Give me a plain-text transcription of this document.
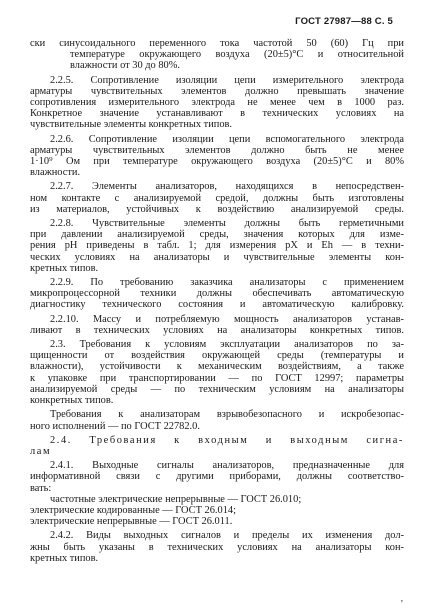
ГОСТ 27987—88 С. 5
ски синусоидального переменного тока частотой 50 (60) Гц при
температуре окружающего воздуха (20±5)°С и относительной
влажности от 30 до 80%.
2.2.5. Сопротивление изоляции цепи измерительного электрода
арматуры чувствительных элементов должно превышать значение
сопротивления измерительного электрода не менее чем в 1000 раз.
Конкретное значение устанавливают в технических условиях на
чувствительные элементы конкретных типов.
2.2.6. Сопротивление изоляции цепи вспомогательного электрода
арматуры чувствительных элементов должно быть не менее
1·10⁹ Ом при температуре окружающего воздуха (20±5)°С и 80%
влажности.
2.2.7. Элементы анализаторов, находящихся в непосредствен-
ном контакте с анализируемой средой, должны быть изготовлены
из материалов, устойчивых к воздействию анализируемой среды.
2.2.8. Чувствительные элементы должны быть герметичными
при давлении анализируемой среды, значения которых для изме-
рения рН приведены в табл. 1; для измерения рХ и Eh — в техни-
ческих условиях на анализаторы и чувствительные элементы кон-
кретных типов.
2.2.9. По требованию заказчика анализаторы с применением
микропроцессорной техники должны обеспечивать автоматическую
диагностику технического состояния и автоматическую калибровку.
2.2.10. Массу и потребляемую мощность анализаторов устанав-
ливают в технических условиях на анализаторы конкретных типов.
2.3. Требования к условиям эксплуатации анализаторов по за-
щищенности от воздействия окружающей среды (температуры и
влажности), устойчивости к механическим воздействиям, а также
к упаковке при транспортировании — по ГОСТ 12997; параметры
анализируемой среды — по техническим условиям на анализаторы
конкретных типов.
Требования к анализаторам взрывобезопасного и искробезопас-
ного исполнений — по ГОСТ 22782.0.
2.4. Требования к входным и выходным сигна-
лам
2.4.1. Выходные сигналы анализаторов, предназначенные для
информативной связи с другими приборами, должны соответство-
вать:
частотные электрические непрерывные — ГОСТ 26.010;
электрические кодированные — ГОСТ 26.014;
электрические непрерывные — ГОСТ 26.011.
2.4.2. Виды выходных сигналов и пределы их изменения дол-
жны быть указаны в технических условиях на анализаторы кон-
кретных типов.
,
